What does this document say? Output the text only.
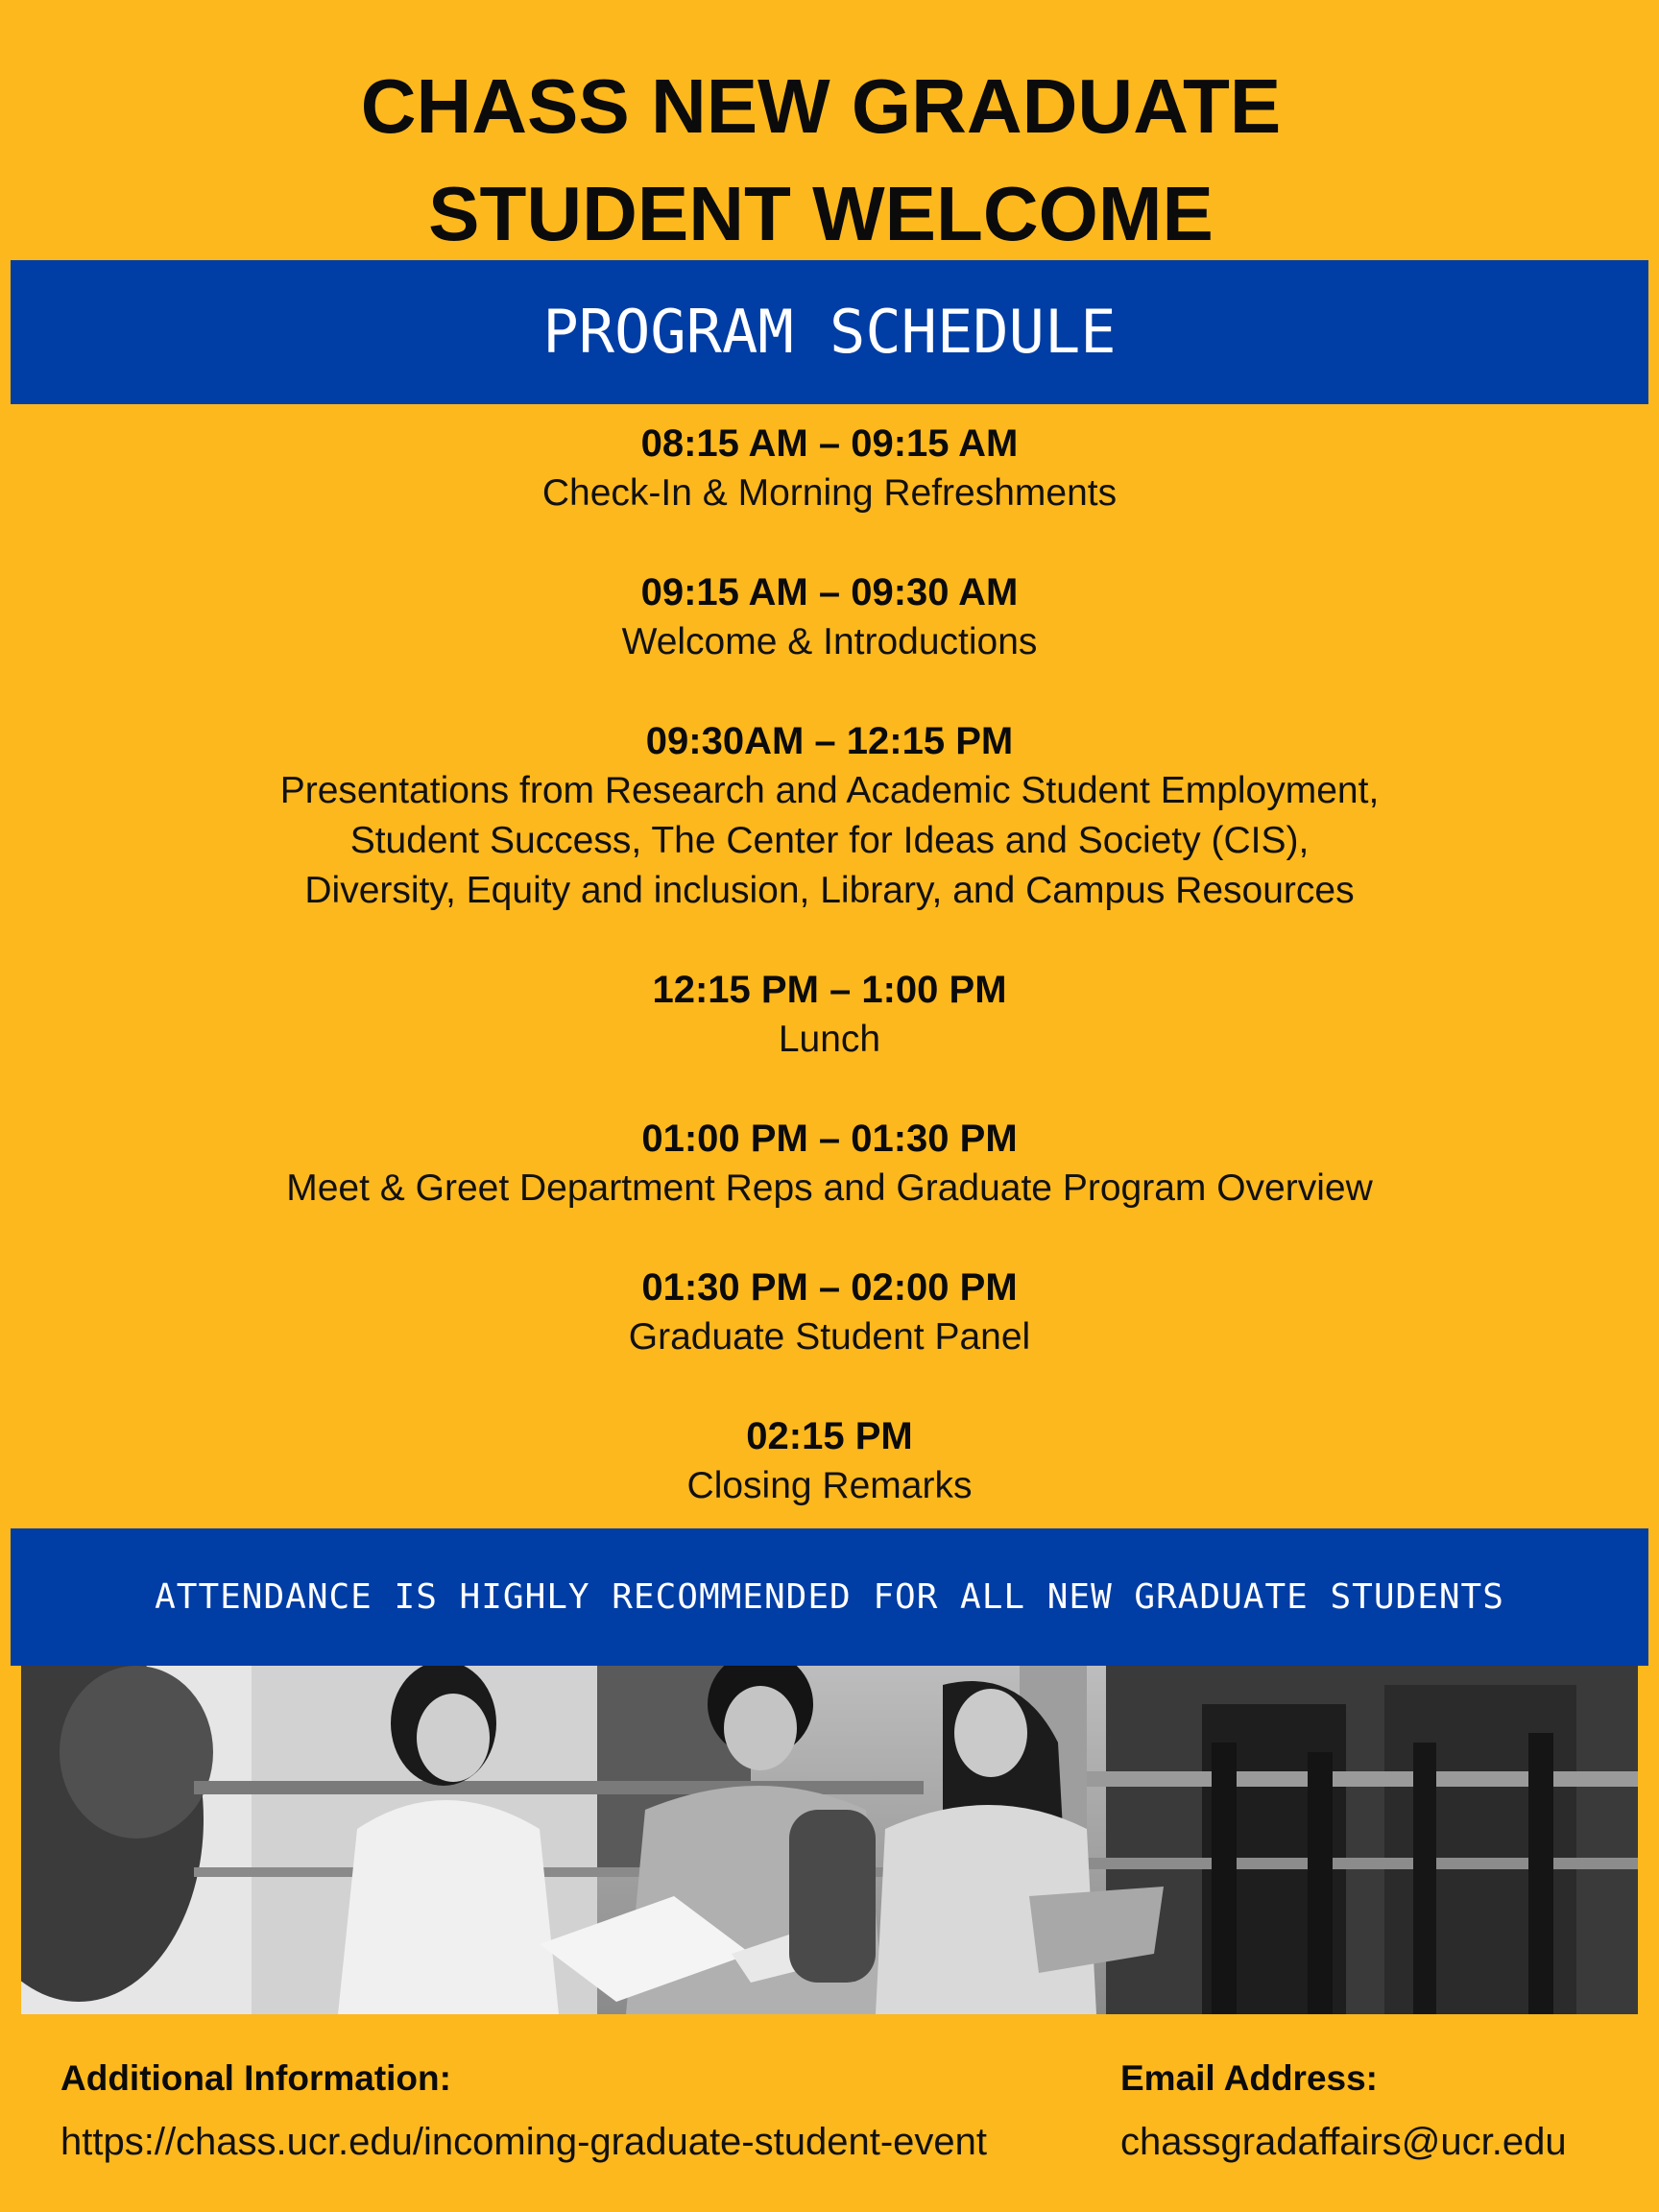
CHASS NEW GRADUATE
STUDENT WELCOME
PROGRAM SCHEDULE
08:15 AM – 09:15 AM
Check-In & Morning Refreshments
09:15 AM – 09:30 AM
Welcome & Introductions
09:30AM – 12:15 PM
Presentations from Research and Academic Student Employment,
Student Success, The Center for Ideas and Society (CIS),
Diversity, Equity and inclusion, Library, and Campus Resources
12:15 PM – 1:00 PM
Lunch
01:00 PM – 01:30 PM
Meet & Greet Department Reps and Graduate Program Overview
01:30 PM – 02:00 PM
Graduate Student Panel
02:15 PM
Closing Remarks
ATTENDANCE IS HIGHLY RECOMMENDED FOR ALL NEW GRADUATE STUDENTS
Additional Information:
https://chass.ucr.edu/incoming-graduate-student-event
Email Address:
chassgradaffairs@ucr.edu
